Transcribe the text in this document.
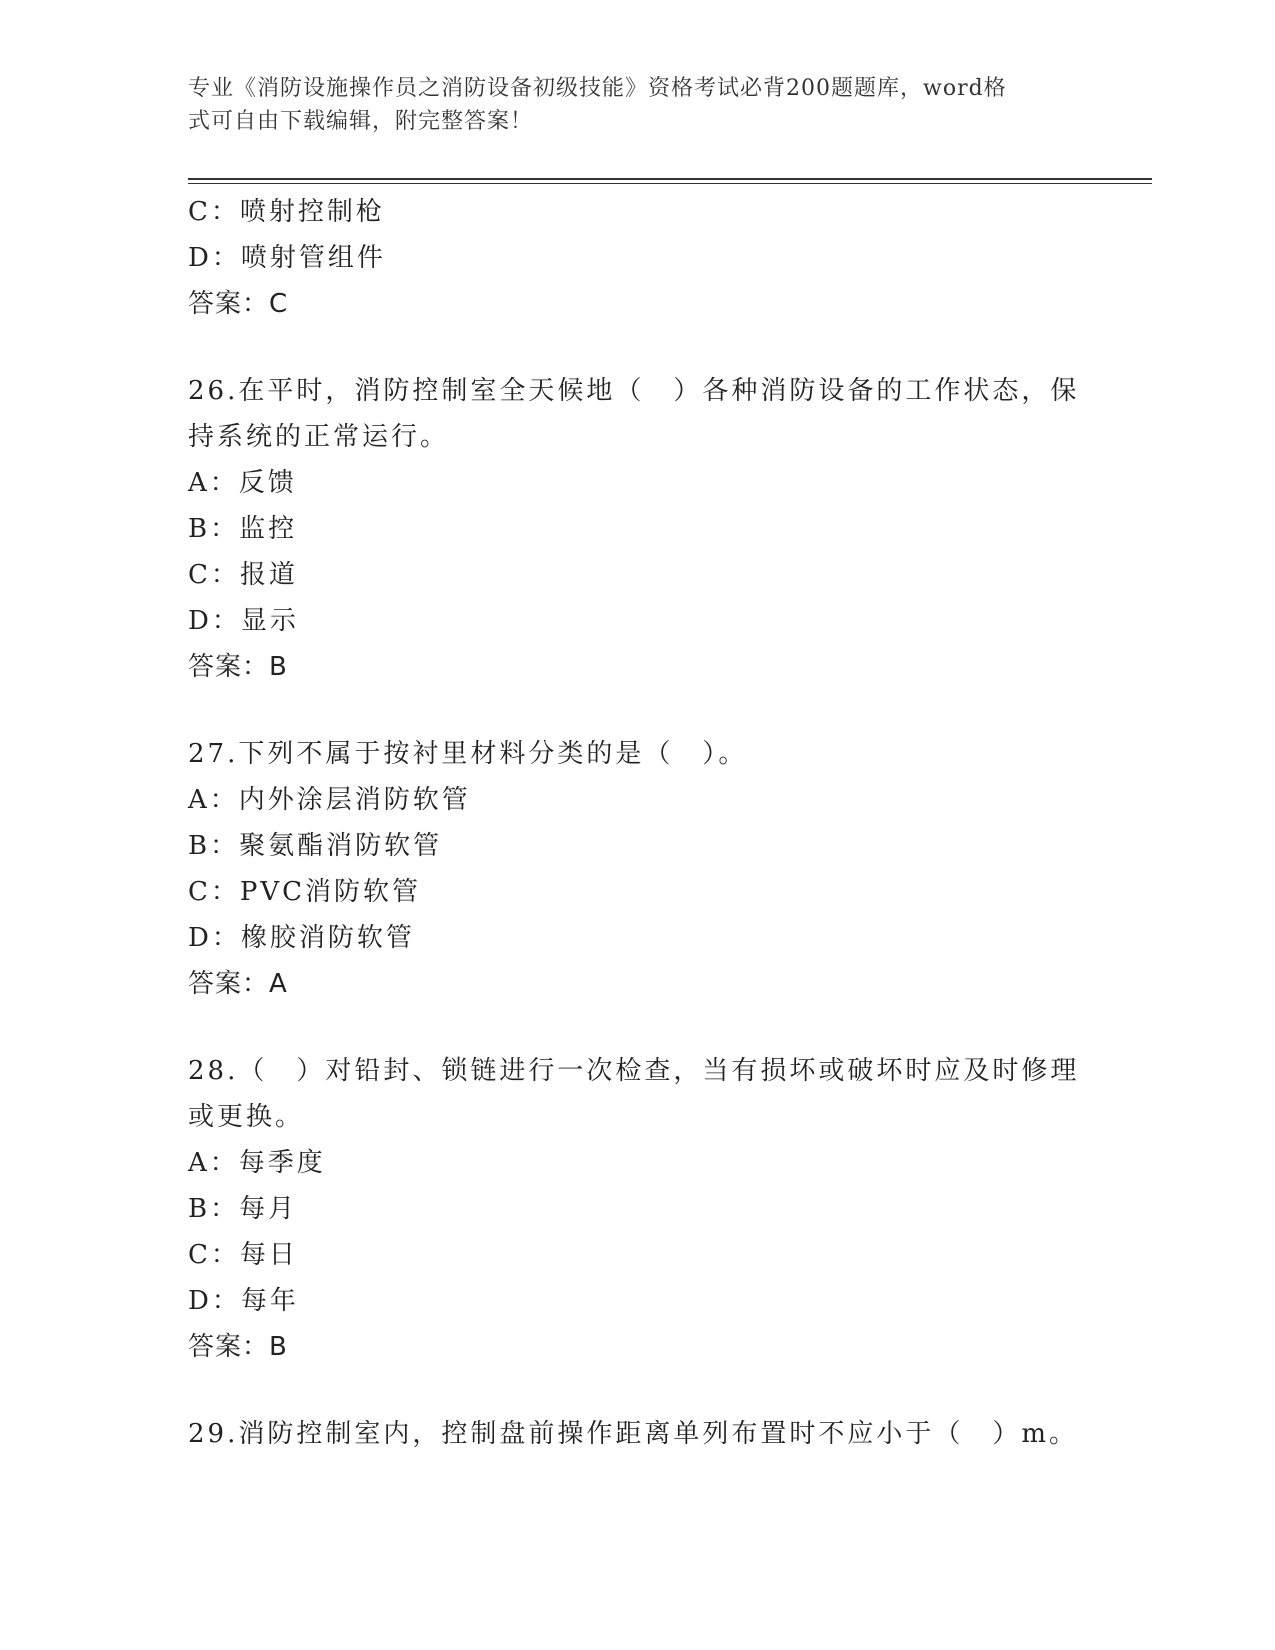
专业《消防设施操作员之消防设备初级技能》资格考试必背200题题库，word格
式可自由下载编辑，附完整答案！
C：喷射控制枪
D：喷射管组件
答案：C
26.在平时，消防控制室全天候地（　）各种消防设备的工作状态，保
持系统的正常运行。
A：反馈
B：监控
C：报道
D：显示
答案：B
27.下列不属于按衬里材料分类的是（　）。
A：内外涂层消防软管
B：聚氨酯消防软管
C：PVC消防软管
D：橡胶消防软管
答案：A
28.（　）对铅封、锁链进行一次检查，当有损坏或破坏时应及时修理
或更换。
A：每季度
B：每月
C：每日
D：每年
答案：B
29.消防控制室内，控制盘前操作距离单列布置时不应小于（　）m。
